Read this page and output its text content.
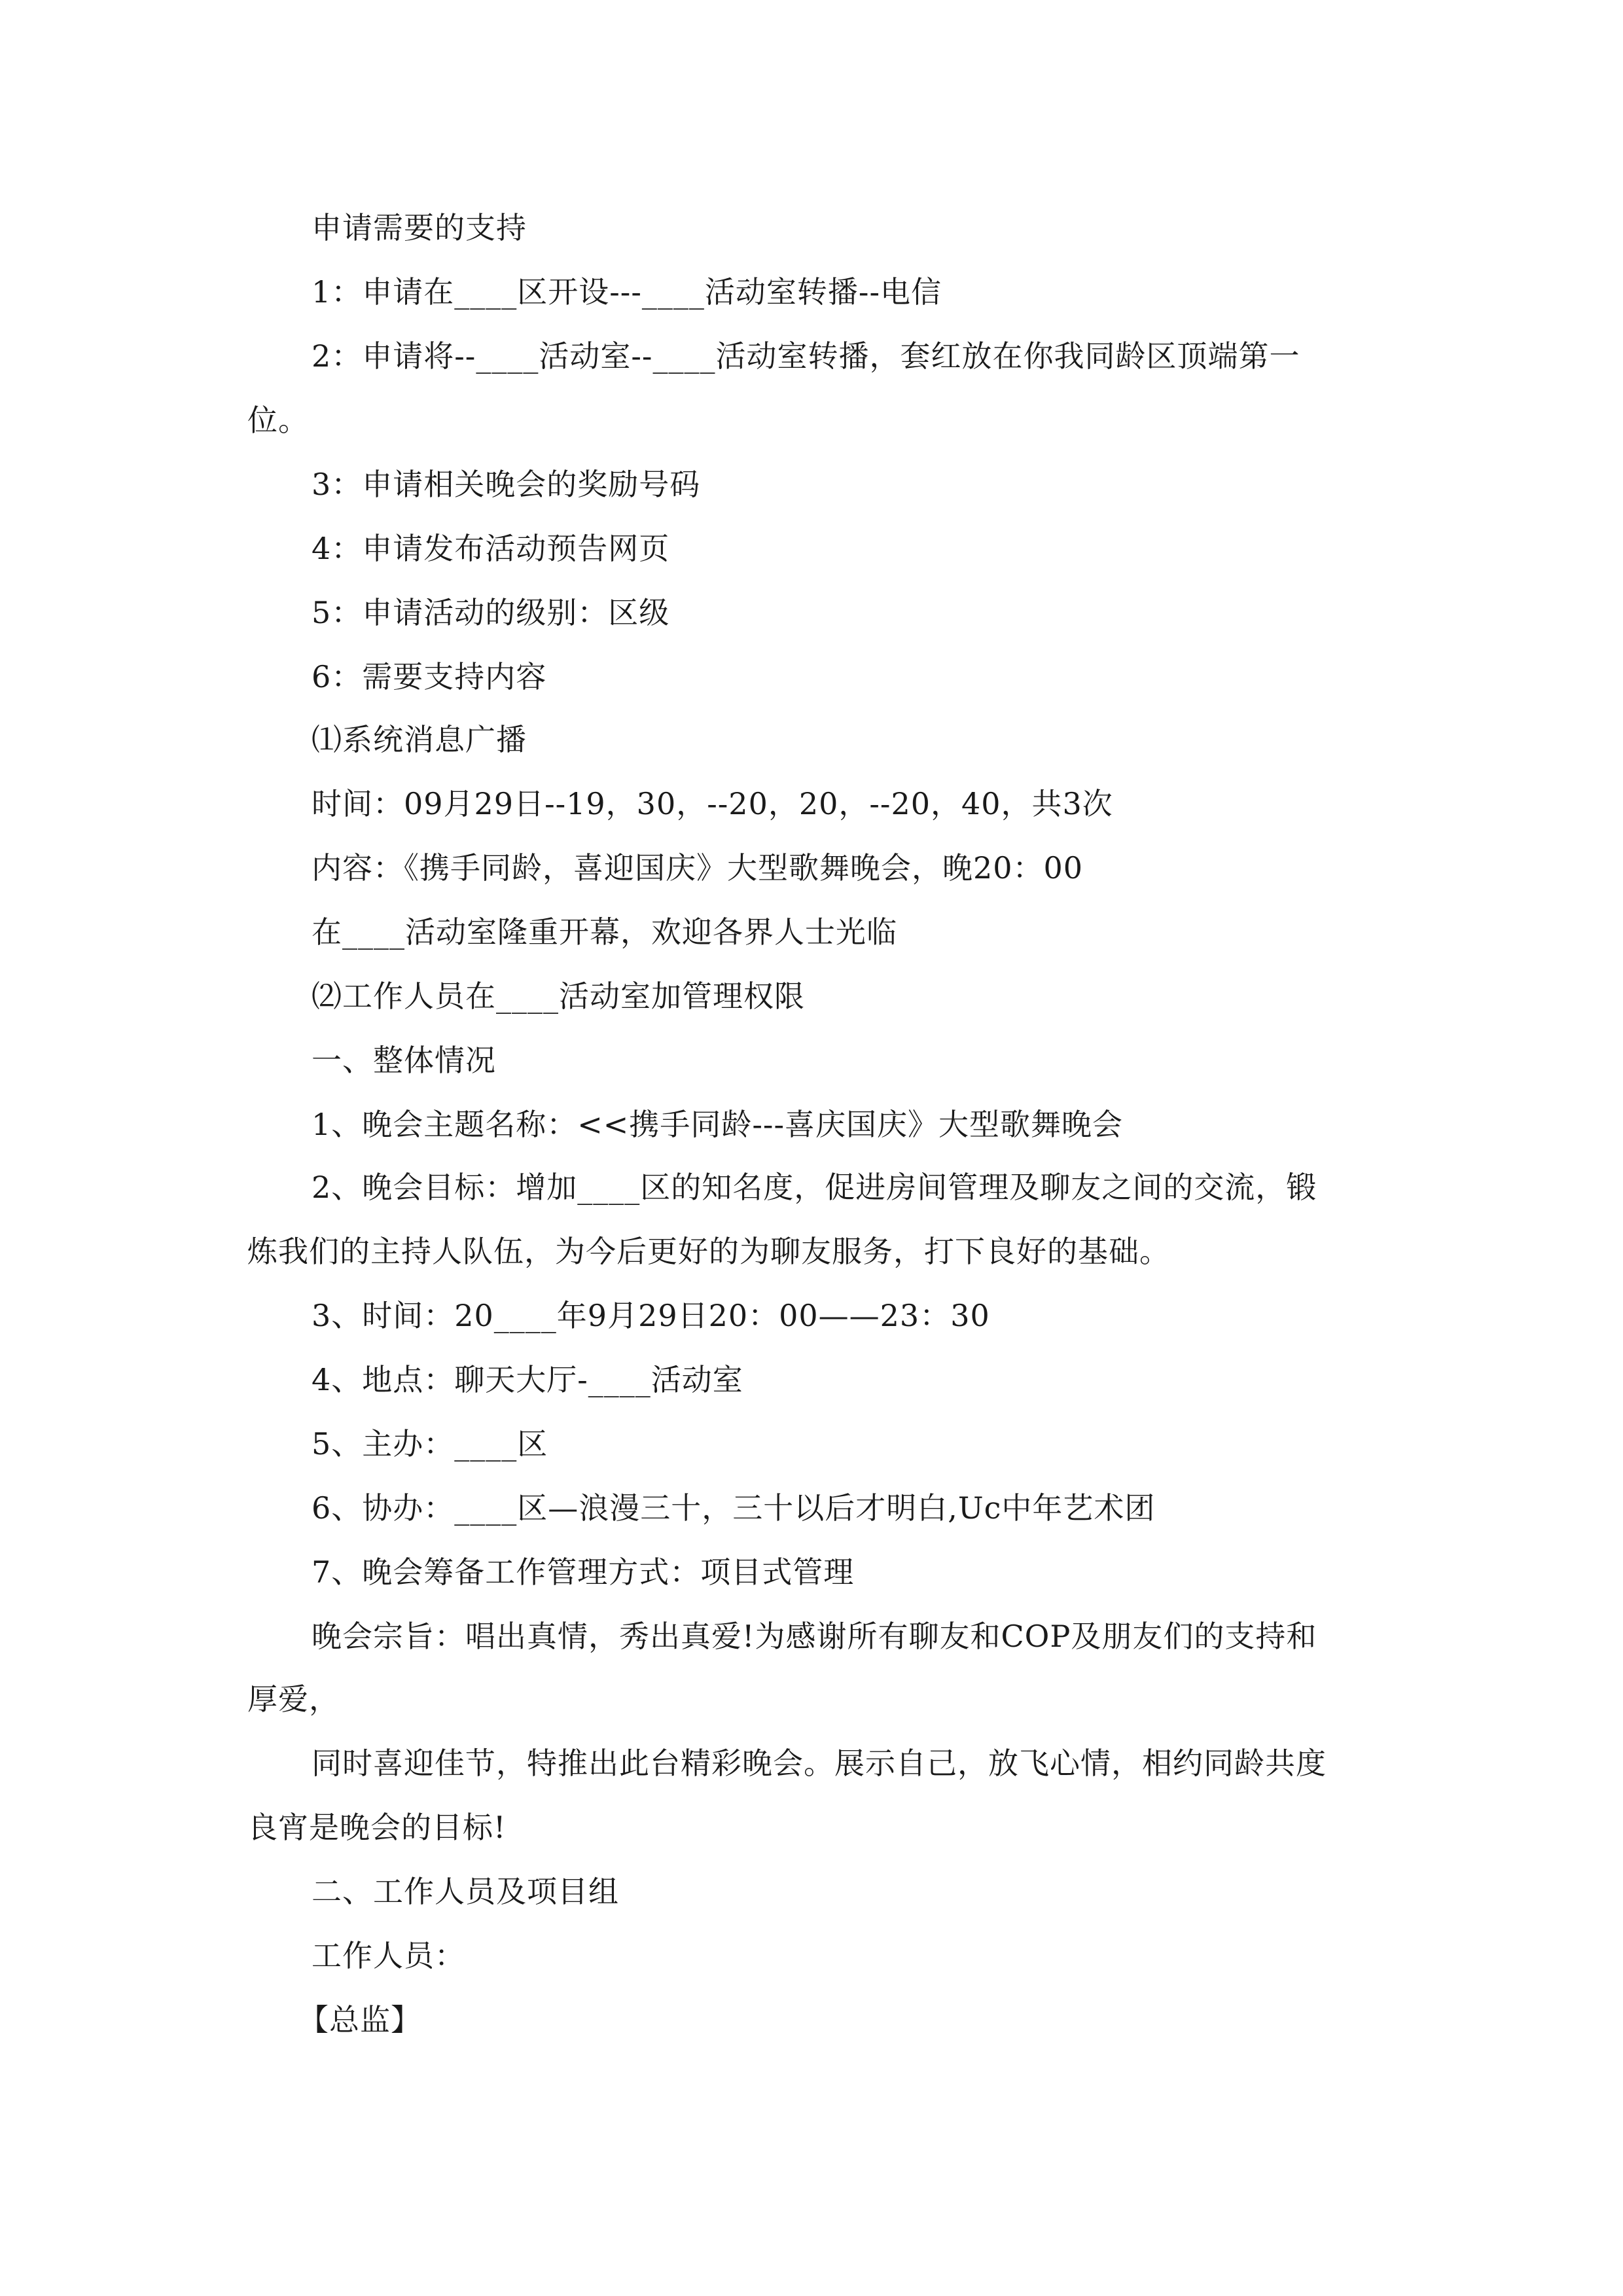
申请需要的支持
1：申请在____区开设---____活动室转播--电信
2：申请将--____活动室--____活动室转播，套红放在你我同龄区顶端第一
位。
3：申请相关晚会的奖励号码
4：申请发布活动预告网页
5：申请活动的级别：区级
6：需要支持内容
⑴系统消息广播
时间：09月29日--19，30，--20，20，--20，40，共3次
内容：《携手同龄，喜迎国庆》大型歌舞晚会，晚20：00
在____活动室隆重开幕，欢迎各界人士光临
⑵工作人员在____活动室加管理权限
一、整体情况
1、晚会主题名称：<<携手同龄---喜庆国庆》大型歌舞晚会
2、晚会目标：增加____区的知名度，促进房间管理及聊友之间的交流，锻
炼我们的主持人队伍，为今后更好的为聊友服务，打下良好的基础。
3、时间：20____年9月29日20：00——23：30
4、地点：聊天大厅-____活动室
5、主办：____区
6、协办：____区—浪漫三十，三十以后才明白,Uc中年艺术团
7、晚会筹备工作管理方式：项目式管理
晚会宗旨：唱出真情，秀出真爱!为感谢所有聊友和COP及朋友们的支持和
厚爱，
同时喜迎佳节，特推出此台精彩晚会。展示自己，放飞心情，相约同龄共度
良宵是晚会的目标!
二、工作人员及项目组
工作人员：
【总监】
